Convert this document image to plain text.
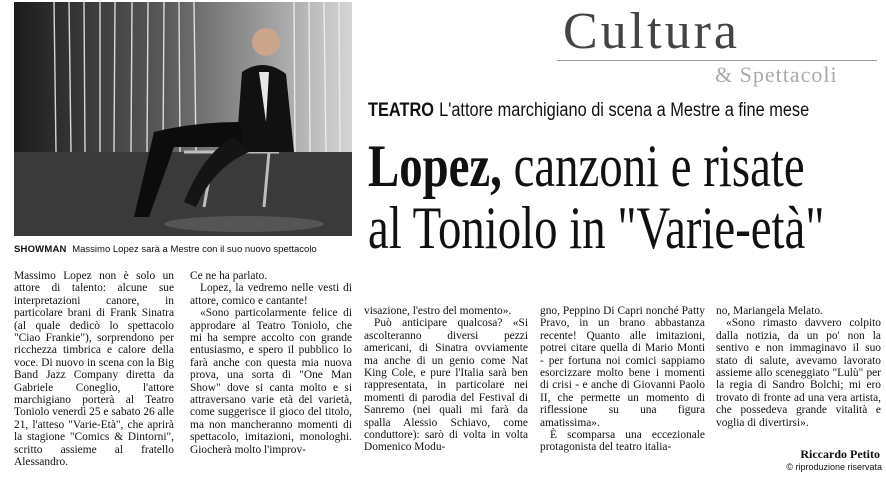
SHOWMAN Massimo Lopez sarà a Mestre con il suo nuovo spettacolo
Cultura
& Spettacoli
TEATRO L'attore marchigiano di scena a Mestre a fine mese
Lopez, canzoni e risate
al Toniolo in "Varie-età"

Massimo Lopez non è solo un attore di talento: alcune sue interpretazioni canore, in particolare brani di Frank Sinatra (al quale dedicò lo spettacolo "Ciao Frankie"), sorprendono per ricchezza timbrica e calore della voce. Di nuovo in scena con la Big Band Jazz Company diretta da Gabriele Coneglio, l'attore marchigiano porterà al Teatro Toniolo venerdì 25 e sabato 26 alle 21, l'atteso "Varie-Età", che aprirà la stagione "Comics & Dintorni", scritto assieme al fratello Alessandro.

Ce ne ha parlato.

Lopez, la vedremo nelle vesti di attore, comico e cantante!

«Sono particolarmente felice di approdare al Teatro Toniolo, che mi ha sempre accolto con grande entusiasmo, e spero il pubblico lo farà anche con questa mia nuova prova, una sorta di "One Man Show" dove si canta molto e si attraversano varie età del varietà, come suggerisce il gioco del titolo, ma non mancheranno momenti di spettacolo, imitazioni, monologhi. Giocherà molto l'improv-

visazione, l'estro del momento».

Può anticipare qualcosa? «Si ascolteranno diversi pezzi americani, di Sinatra ovviamente ma anche di un genio come Nat King Cole, e pure l'Italia sarà ben rappresentata, in particolare nei momenti di parodia del Festival di Sanremo (nei quali mi farà da spalla Alessio Schiavo, come conduttore): sarò di volta in volta Domenico Modu-

gno, Peppino Di Capri nonché Patty Pravo, in un brano abbastanza recente! Quanto alle imitazioni, potrei citare quella di Mario Monti - per fortuna noi comici sappiamo esorcizzare molto bene i momenti di crisi - e anche di Giovanni Paolo II, che permette un momento di riflessione su una figura amatissima».

È scomparsa una eccezionale protagonista del teatro italia-

no, Mariangela Melato.

«Sono rimasto davvero colpito dalla notizia, da un po' non la sentivo e non immaginavo il suo stato di salute, avevamo lavorato assieme allo sceneggiato "Lulù" per la regia di Sandro Bolchi; mi ero trovato di fronte ad una vera artista, che possedeva grande vitalità e voglia di divertirsi».

Riccardo Petito
© riproduzione riservata
